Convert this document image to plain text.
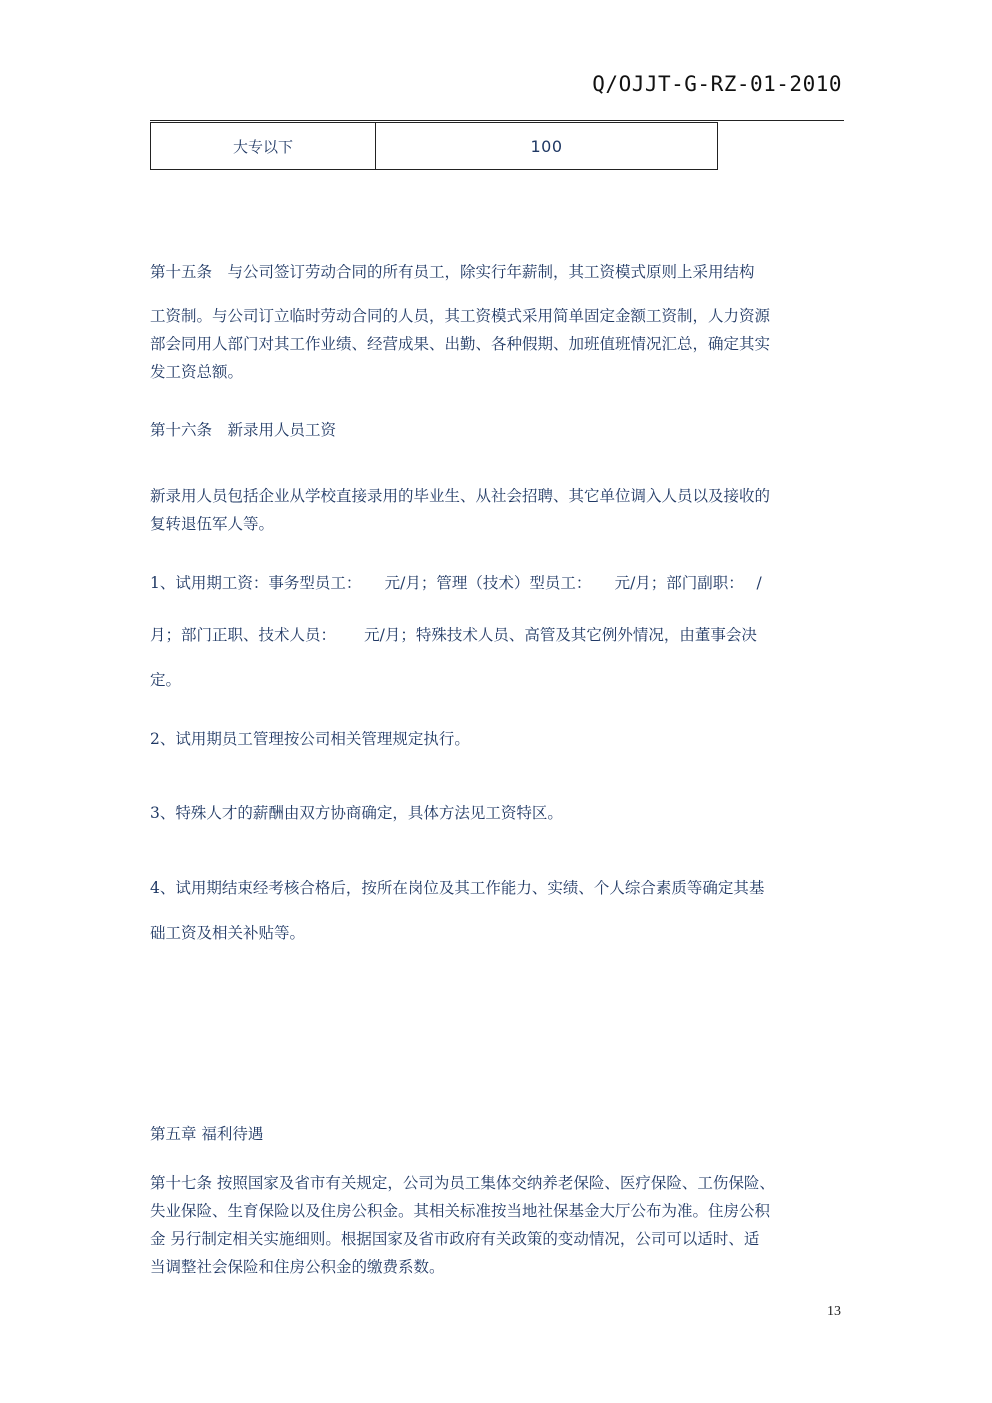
Q/OJJT-G-RZ-01-2010
大专以下	100
第十五条　与公司签订劳动合同的所有员工，除实行年薪制，其工资模式原则上采用结构
工资制。与公司订立临时劳动合同的人员，其工资模式采用简单固定金额工资制，人力资源
部会同用人部门对其工作业绩、经营成果、出勤、各种假期、加班值班情况汇总，确定其实
发工资总额。
第十六条　新录用人员工资
新录用人员包括企业从学校直接录用的毕业生、从社会招聘、其它单位调入人员以及接收的
复转退伍军人等。
1、试用期工资：事务型员工：　　元/月；管理（技术）型员工：　　元/月；部门副职：　 /
月；部门正职、技术人员：　　 元/月；特殊技术人员、高管及其它例外情况，由董事会决
定。
2、试用期员工管理按公司相关管理规定执行。
3、特殊人才的薪酬由双方协商确定，具体方法见工资特区。
4、试用期结束经考核合格后，按所在岗位及其工作能力、实绩、个人综合素质等确定其基
础工资及相关补贴等。
第五章 福利待遇
第十七条 按照国家及省市有关规定，公司为员工集体交纳养老保险、医疗保险、工伤保险、
失业保险、生育保险以及住房公积金。其相关标准按当地社保基金大厅公布为准。住房公积
金 另行制定相关实施细则。根据国家及省市政府有关政策的变动情况，公司可以适时、适
当调整社会保险和住房公积金的缴费系数。
13
